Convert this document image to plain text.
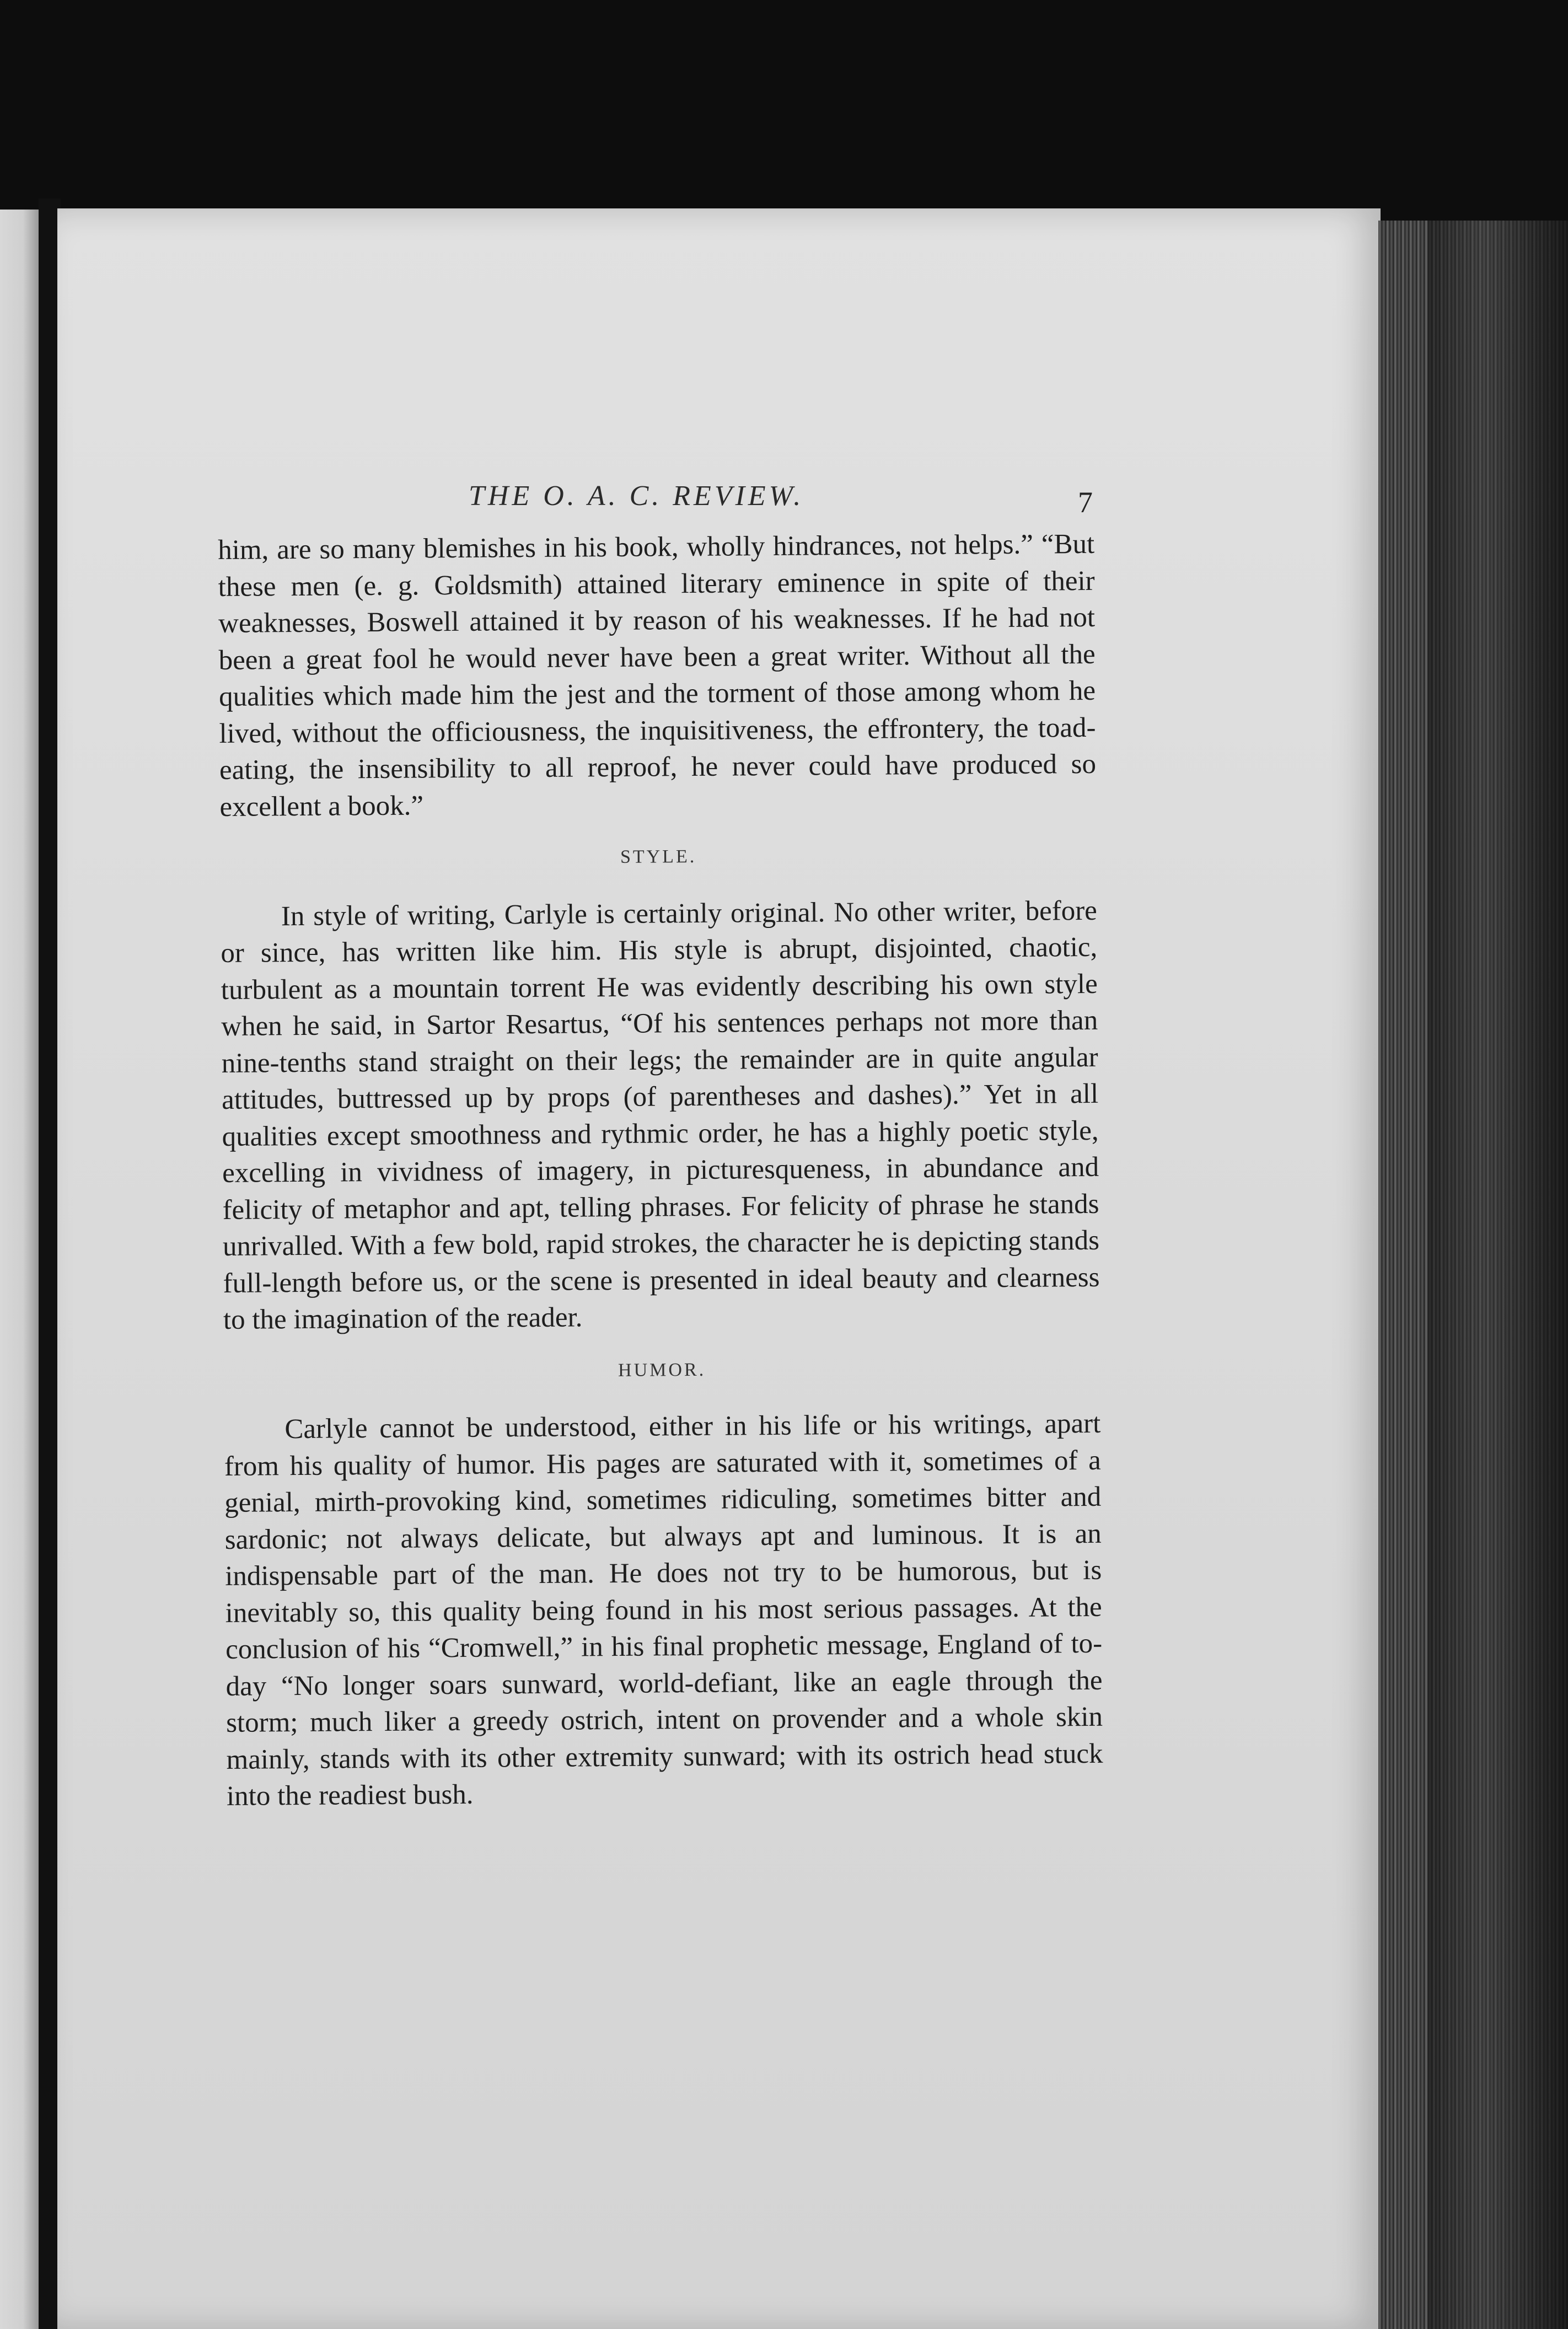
THE O. A. C. REVIEW.	7

him, are so many blemishes in his book, wholly hindrances, not helps.” “But these men (e. g. Goldsmith) attained literary eminence in spite of their weaknesses, Boswell attained it by reason of his weaknesses. If he had not been a great fool he would never have been a great writer. Without all the qualities which made him the jest and the torment of those among whom he lived, without the officiousness, the inquisitiveness, the effrontery, the toad-eating, the insensibility to all reproof, he never could have produced so excellent a book.”

STYLE.

In style of writing, Carlyle is certainly original. No other writer, before or since, has written like him. His style is abrupt, disjointed, chaotic, turbulent as a mountain torrent He was evidently describing his own style when he said, in Sartor Resartus, “Of his sentences perhaps not more than nine-tenths stand straight on their legs; the remainder are in quite angular attitudes, buttressed up by props (of parentheses and dashes).” Yet in all qualities except smoothness and rythmic order, he has a highly poetic style, excelling in vividness of imagery, in picturesqueness, in abundance and felicity of metaphor and apt, telling phrases. For felicity of phrase he stands unrivalled. With a few bold, rapid strokes, the character he is depicting stands full-length before us, or the scene is presented in ideal beauty and clearness to the imagination of the reader.

HUMOR.

Carlyle cannot be understood, either in his life or his writings, apart from his quality of humor. His pages are saturated with it, sometimes of a genial, mirth-provoking kind, sometimes ridiculing, sometimes bitter and sardonic; not always delicate, but always apt and luminous. It is an indispensable part of the man. He does not try to be humorous, but is inevitably so, this quality being found in his most serious passages. At the conclusion of his “Cromwell,” in his final prophetic message, England of to-day “No longer soars sunward, world-defiant, like an eagle through the storm; much liker a greedy ostrich, intent on provender and a whole skin mainly, stands with its other extremity sunward; with its ostrich head stuck into the readiest bush.
